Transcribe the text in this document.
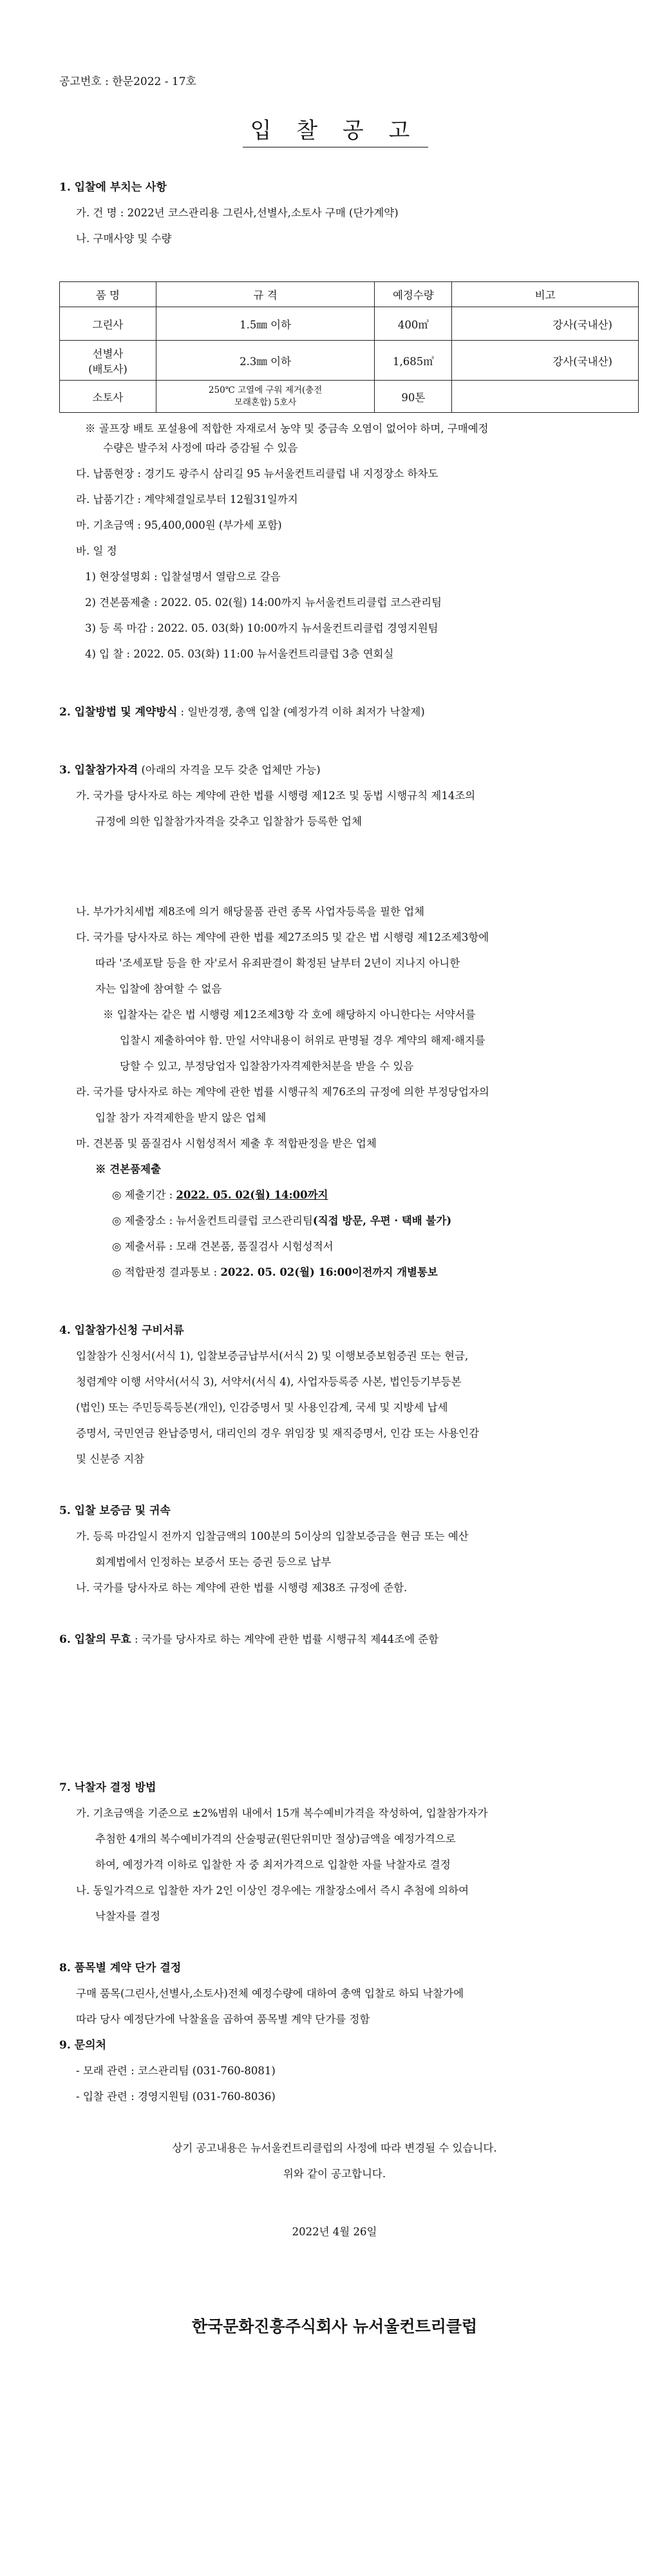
공고번호 : 한문2022 - 17호
입 찰 공 고
1. 입찰에 부치는 사항
가. 건 명 : 2022년 코스관리용 그린사,선별사,소토사 구매 (단가계약)
나. 구매사양 및 수량
품 명	규 격	예정수량	비고
그린사	1.5㎜ 이하	400㎥	강사(국내산)

선별사
(배토사)	2.3㎜ 이하	1,685㎥	강사(국내산)
소토사	250℃ 고열에 구워 제거(충전
모래혼합) 5호사	90톤	
※ 골프장 배토 포설용에 적합한 자재로서 농약 및 중금속 오염이 없어야 하며, 구매예정
수량은 발주처 사정에 따라 증감될 수 있음
다. 납품현장 : 경기도 광주시 삼리길 95 뉴서울컨트리클럽 내 지정장소 하차도
라. 납품기간 : 계약체결일로부터 12월31일까지
마. 기초금액 : 95,400,000원 (부가세 포함)
바. 일 정
1) 현장설명회 : 입찰설명서 열람으로 갈음
2) 견본품제출 : 2022. 05. 02(월) 14:00까지 뉴서울컨트리클럽 코스관리팀
3) 등 록 마감 : 2022. 05. 03(화) 10:00까지 뉴서울컨트리클럽 경영지원팀
4) 입 찰 : 2022. 05. 03(화) 11:00 뉴서울컨트리클럽 3층 연회실
2. 입찰방법 및 계약방식 : 일반경쟁, 총액 입찰 (예정가격 이하 최저가 낙찰제)
3. 입찰참가자격 (아래의 자격을 모두 갖춘 업체만 가능)
가. 국가를 당사자로 하는 계약에 관한 법률 시행령 제12조 및 동법 시행규칙 제14조의
규정에 의한 입찰참가자격을 갖추고 입찰참가 등록한 업체
나. 부가가치세법 제8조에 의거 해당물품 관련 종목 사업자등록을 필한 업체
다. 국가를 당사자로 하는 계약에 관한 법률 제27조의5 및 같은 법 시행령 제12조제3항에
따라 '조세포탈 등을 한 자'로서 유죄판결이 확정된 날부터 2년이 지나지 아니한
자는 입찰에 참여할 수 없음
※ 입찰자는 같은 법 시행령 제12조제3항 각 호에 해당하지 아니한다는 서약서를
입찰시 제출하여야 함. 만일 서약내용이 허위로 판명될 경우 계약의 해제·해지를
당할 수 있고, 부정당업자 입찰참가자격제한처분을 받을 수 있음
라. 국가를 당사자로 하는 계약에 관한 법률 시행규칙 제76조의 규정에 의한 부정당업자의
입찰 참가 자격제한을 받지 않은 업체
마. 견본품 및 품질검사 시험성적서 제출 후 적합판정을 받은 업체
※ 견본품제출
◎ 제출기간 : 2022. 05. 02(월) 14:00까지
◎ 제출장소 : 뉴서울컨트리클럽 코스관리팀(직접 방문, 우편 · 택배 불가)
◎ 제출서류 : 모래 견본품, 품질검사 시험성적서
◎ 적합판정 결과통보 : 2022. 05. 02(월) 16:00이전까지 개별통보
4. 입찰참가신청 구비서류
입찰참가 신청서(서식 1), 입찰보증금납부서(서식 2) 및 이행보증보험증권 또는 현금,
청렴계약 이행 서약서(서식 3), 서약서(서식 4), 사업자등록증 사본, 법인등기부등본
(법인) 또는 주민등록등본(개인), 인감증명서 및 사용인감계, 국세 및 지방세 납세
증명서, 국민연금 완납증명서, 대리인의 경우 위임장 및 재직증명서, 인감 또는 사용인감
및 신분증 지참
5. 입찰 보증금 및 귀속
가. 등록 마감일시 전까지 입찰금액의 100분의 5이상의 입찰보증금을 현금 또는 예산
회계법에서 인정하는 보증서 또는 증권 등으로 납부
나. 국가를 당사자로 하는 계약에 관한 법률 시행령 제38조 규정에 준함.
6. 입찰의 무효 : 국가를 당사자로 하는 계약에 관한 법률 시행규칙 제44조에 준함
7. 낙찰자 결정 방법
가. 기초금액을 기준으로 ±2%범위 내에서 15개 복수예비가격을 작성하여, 입찰참가자가
추첨한 4개의 복수예비가격의 산술평균(원단위미만 절상)금액을 예정가격으로
하여, 예정가격 이하로 입찰한 자 중 최저가격으로 입찰한 자를 낙찰자로 결정
나. 동일가격으로 입찰한 자가 2인 이상인 경우에는 개찰장소에서 즉시 추첨에 의하여
낙찰자를 결정
8. 품목별 계약 단가 결정
구매 품목(그린사,선별사,소토사)전체 예정수량에 대하여 총액 입찰로 하되 낙찰가에
따라 당사 예정단가에 낙찰율을 곱하여 품목별 계약 단가를 정함
9. 문의처
- 모래 관련 : 코스관리팀 (031-760-8081)
- 입찰 관련 : 경영지원팀 (031-760-8036)
상기 공고내용은 뉴서울컨트리클럽의 사정에 따라 변경될 수 있습니다.
위와 같이 공고합니다.
2022년 4월 26일
한국문화진흥주식회사 뉴서울컨트리클럽
